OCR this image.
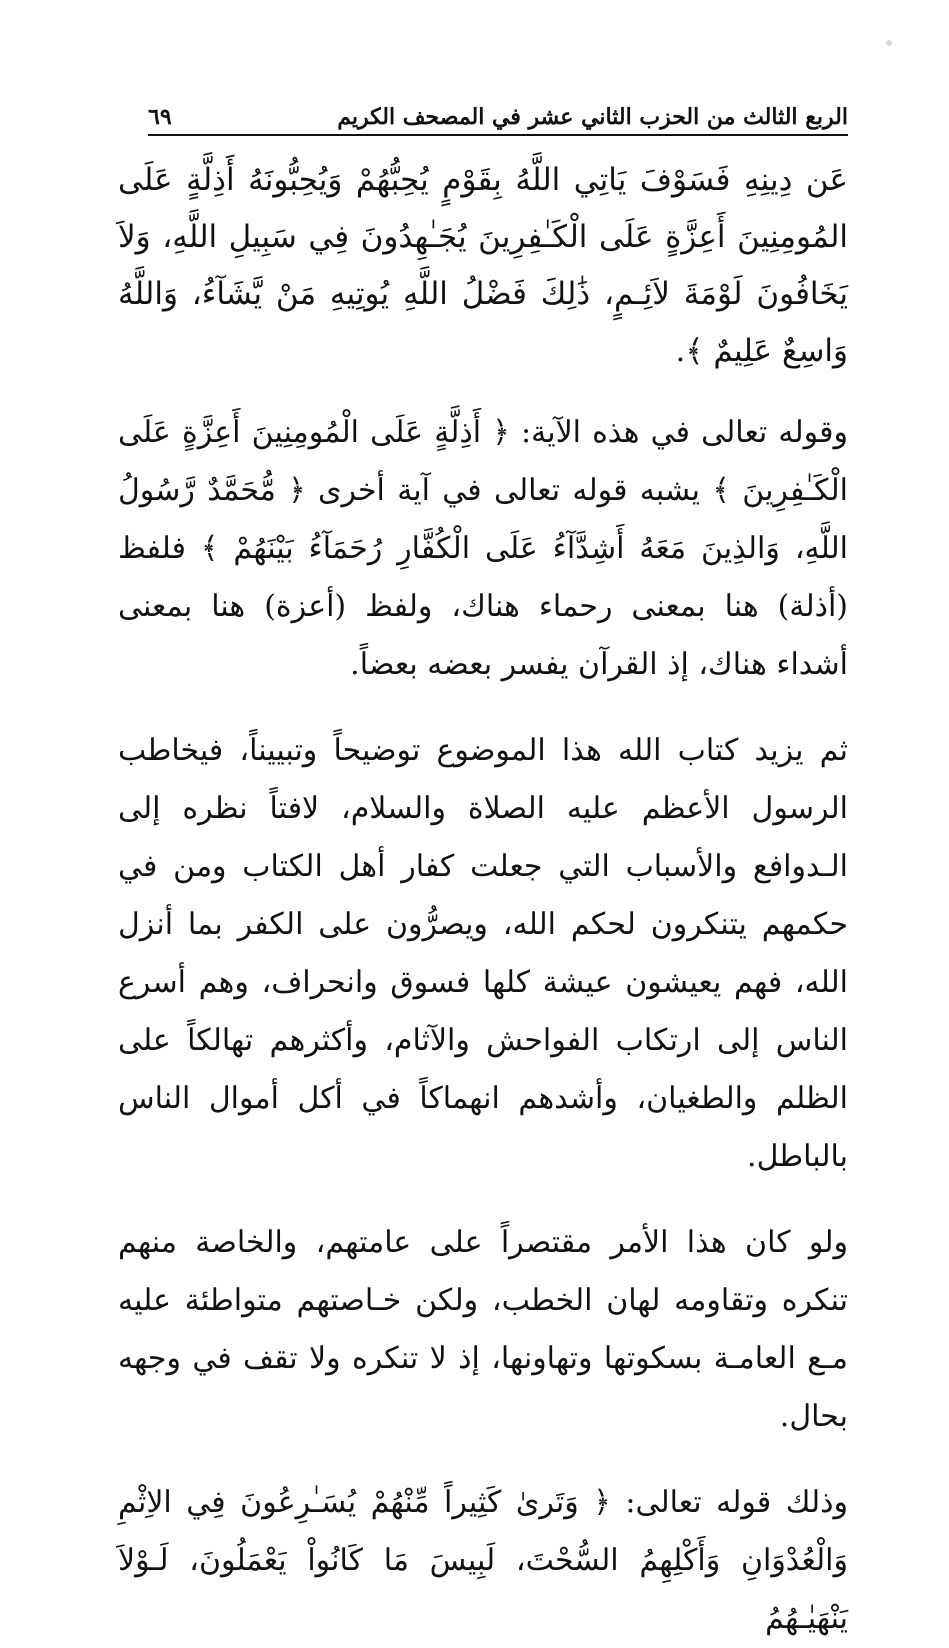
الربع الثالث من الحزب الثاني عشر في المصحف الكريم
٦٩

عَن دِينِهِ فَسَوْفَ يَاتِي اللَّهُ بِقَوْمٍ يُحِبُّهُمْ وَيُحِبُّونَهُ أَذِلَّةٍ عَلَى المُومِنِينَ أَعِزَّةٍ عَلَى الْكَـٰفِرِينَ يُجَـٰهِدُونَ فِي سَبِيلِ اللَّهِ، وَلاَ يَخَافُونَ لَوْمَةَ لاَئِـمٍ، ذَٰلِكَ فَضْلُ اللَّهِ يُوتِيهِ مَنْ يَّشَآءُ، وَاللَّهُ وَاسِعٌ عَلِيمٌ ﴾.

وقوله تعالى في هذه الآية: ﴿ أَذِلَّةٍ عَلَى الْمُومِنِينَ أَعِزَّةٍ عَلَى الْكَـٰفِرِينَ ﴾ يشبه قوله تعالى في آية أخرى ﴿ مُّحَمَّدٌ رَّسُولُ اللَّهِ، وَالذِينَ مَعَهُ أَشِدَّآءُ عَلَى الْكُفَّارِ رُحَمَآءُ بَيْنَهُمْ ﴾ فلفظ (أذلة) هنا بمعنى رحماء هناك، ولفظ (أعزة) هنا بمعنى أشداء هناك، إذ القرآن يفسر بعضه بعضاً.

ثم يزيد كتاب الله هذا الموضوع توضيحاً وتبييناً، فيخاطب الرسول الأعظم عليه الصلاة والسلام، لافتاً نظره إلى الـدوافع والأسباب التي جعلت كفار أهل الكتاب ومن في حكمهم يتنكرون لحكم الله، ويصرُّون على الكفر بما أنزل الله، فهم يعيشون عيشة كلها فسوق وانحراف، وهم أسرع الناس إلى ارتكاب الفواحش والآثام، وأكثرهم تهالكاً على الظلم والطغيان، وأشدهم انهماكاً في أكل أموال الناس بالباطل.

ولو كان هذا الأمر مقتصراً على عامتهم، والخاصة منهم تنكره وتقاومه لهان الخطب، ولكن خـاصتهم متواطئة عليه مـع العامـة بسكوتها وتهاونها، إذ لا تنكره ولا تقف في وجهه بحال.

وذلك قوله تعالى: ﴿ وَتَرىٰ كَثِيراً مِّنْهُمْ يُسَـٰرِعُونَ فِي الاِثْمِ وَالْعُدْوَانِ وَأَكْلِهِمُ السُّحْتَ، لَبِيسَ مَا كَانُواْ يَعْمَلُونَ، لَـوْلاَ يَنْهَيٰـهُمُ
